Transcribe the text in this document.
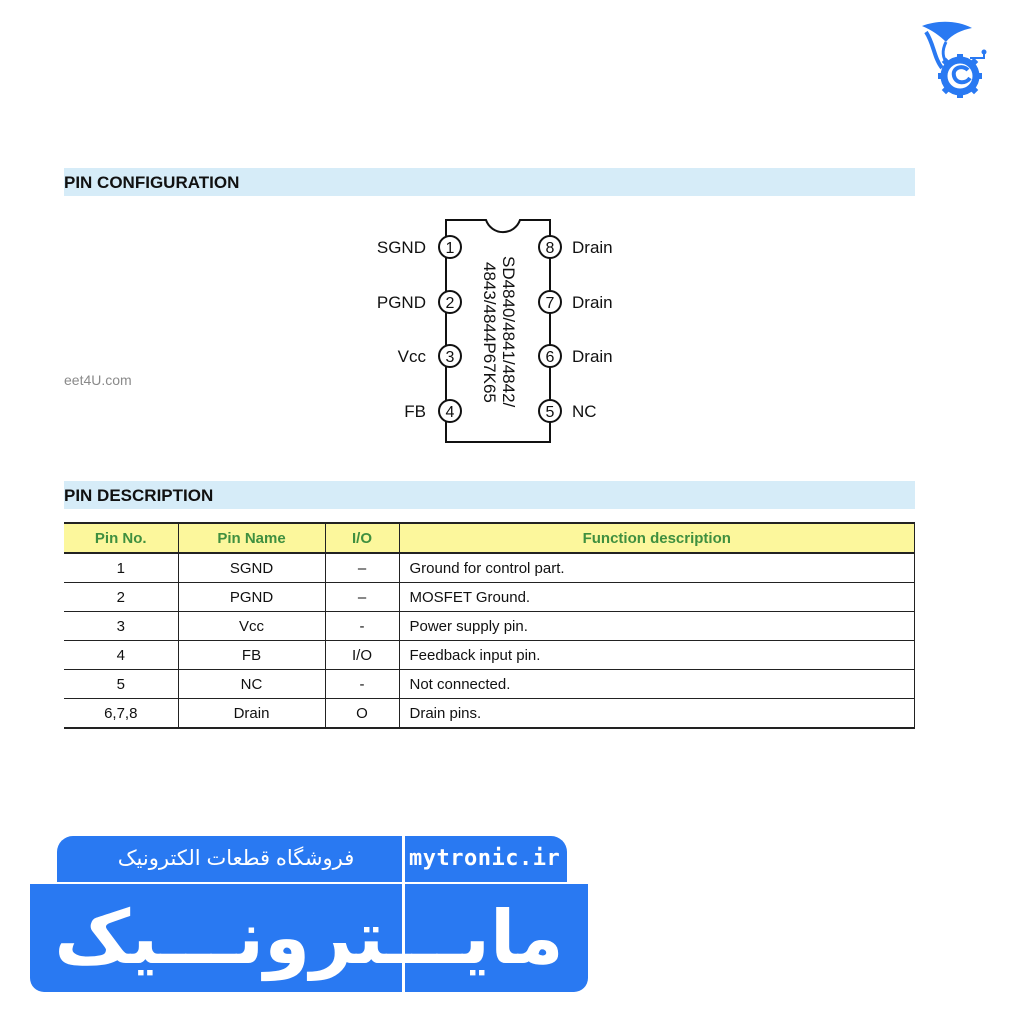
PIN CONFIGURATION
eet4U.com
1
SGND
2
PGND
3
Vcc
4
FB
8 Drain
7 Drain
6 Drain
5 NC
SD4840/4841/4842/
4843/4844P67K65
PIN DESCRIPTION
Pin No.	Pin Name	I/O	Function description
1	SGND	–	Ground for control part.
2	PGND	–	MOSFET Ground.
3	Vcc	-	Power supply pin.
4	FB	I/O	Feedback input pin.
5	NC	-	Not connected.
6,7,8	Drain	O	Drain pins.
فروشگاه قطعات الکترونیک	mytronic.ir
مایـــترونـــیک
